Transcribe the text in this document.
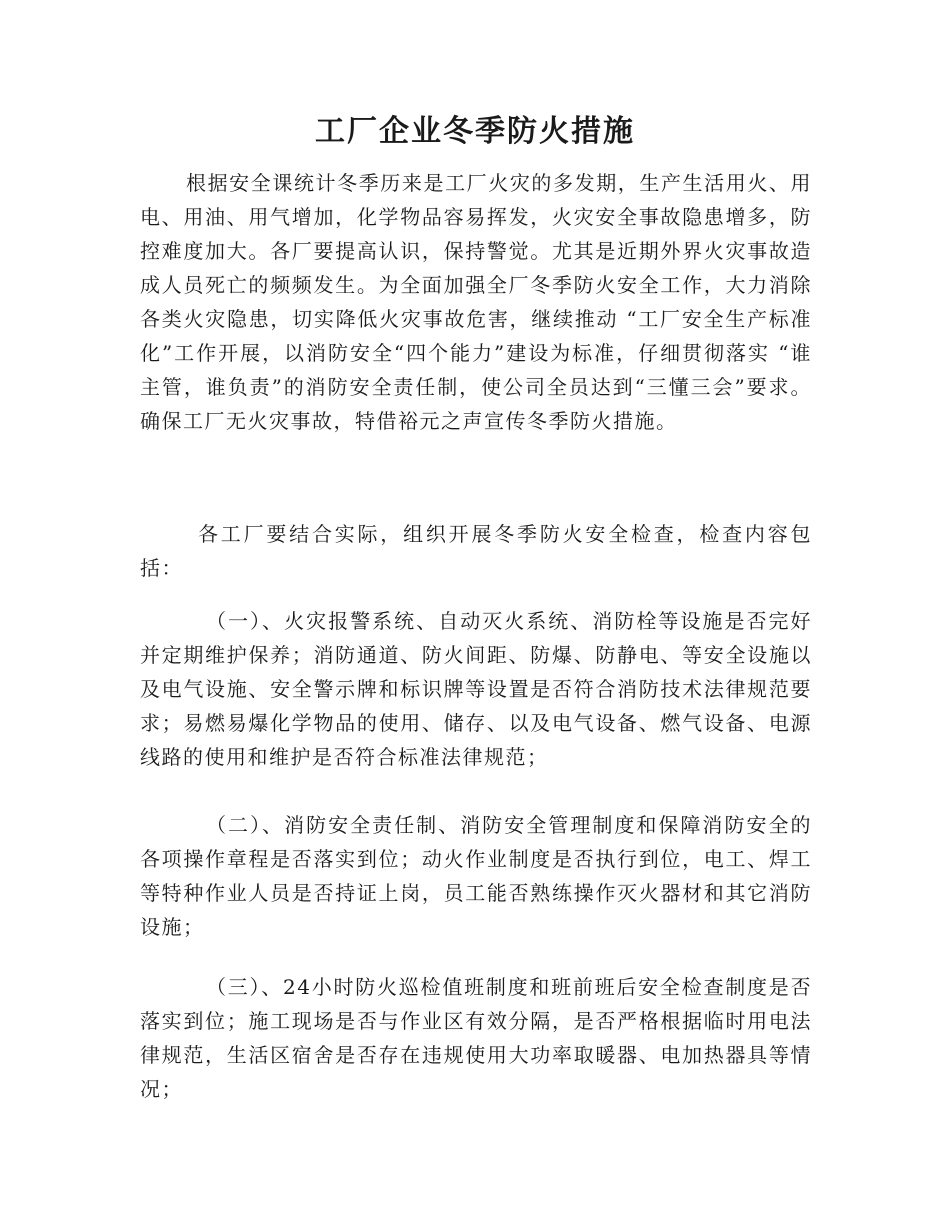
工厂企业冬季防火措施

根据安全课统计冬季历来是工厂火灾的多发期，生产生活用火、用电、用油、用气增加，化学物品容易挥发，火灾安全事故隐患增多，防控难度加大。各厂要提高认识，保持警觉。尤其是近期外界火灾事故造成人员死亡的频频发生。为全面加强全厂冬季防火安全工作，大力消除各类火灾隐患，切实降低火灾事故危害，继续推动 “工厂安全生产标准化”工作开展，以消防安全“四个能力”建设为标准，仔细贯彻落实 “谁主管，谁负责”的消防安全责任制，使公司全员达到“三懂三会”要求。确保工厂无火灾事故，特借裕元之声宣传冬季防火措施。

各工厂要结合实际，组织开展冬季防火安全检查，检查内容包括：

（一）、火灾报警系统、自动灭火系统、消防栓等设施是否完好并定期维护保养；消防通道、防火间距、防爆、防静电、等安全设施以及电气设施、安全警示牌和标识牌等设置是否符合消防技术法律规范要求；易燃易爆化学物品的使用、储存、以及电气设备、燃气设备、电源线路的使用和维护是否符合标准法律规范；

（二）、消防安全责任制、消防安全管理制度和保障消防安全的各项操作章程是否落实到位；动火作业制度是否执行到位，电工、焊工等特种作业人员是否持证上岗，员工能否熟练操作灭火器材和其它消防设施；

（三）、24小时防火巡检值班制度和班前班后安全检查制度是否落实到位；施工现场是否与作业区有效分隔，是否严格根据临时用电法律规范，生活区宿舍是否存在违规使用大功率取暖器、电加热器具等情况；
